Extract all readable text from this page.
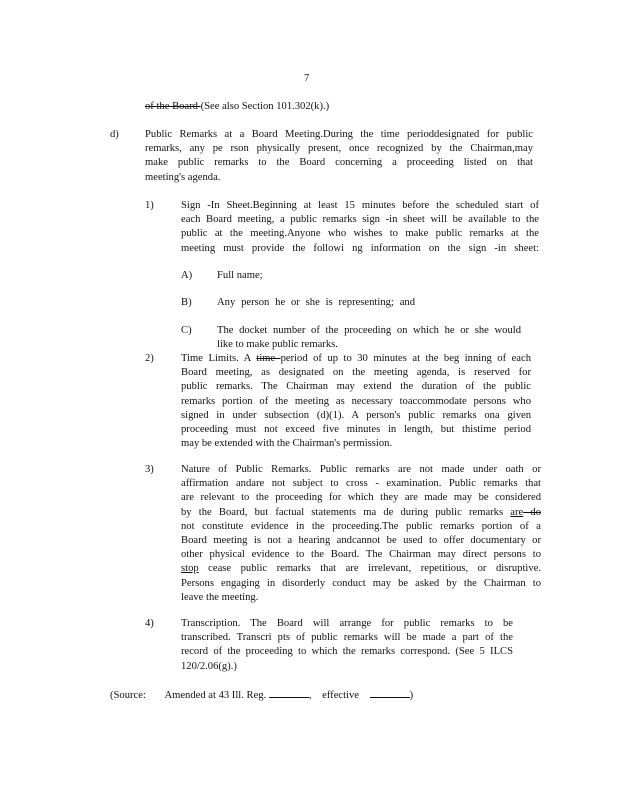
7
of the Board (See also Section 101.302(k).)
d) Public Remarks at a Board Meeting.During the time perioddesignated for public
remarks, any pe rson physically present, once recognized by the Chairman,may
make public remarks to the Board concerning a proceeding listed on that
meeting's agenda.
1)	Sign -In Sheet.Beginning at least 15 minutes before the scheduled start of
each Board meeting, a public remarks sign -in sheet will be available to the
public at the meeting.Anyone who wishes to make public remarks at the
meeting must provide the followi ng information on the sign -in sheet:
A) Full name;
B) Any person he or she is representing; and
C) The docket number of the proceeding on which he or she would
like to make public remarks.
2)	Time Limits. A time period of up to 30 minutes at the beg inning of each
Board meeting, as designated on the meeting agenda, is reserved for
public remarks. The Chairman may extend the duration of the public
remarks portion of the meeting as necessary toaccommodate persons who
signed in under subsection (d)(1). A person's public remarks ona given
proceeding must not exceed five minutes in length, but thistime period
may be extended with the Chairman's permission.
3)	Nature of Public Remarks. Public remarks are not made under oath or
affirmation andare not subject to cross - examination. Public remarks that
are relevant to the proceeding for which they are made may be considered
by the Board, but factual statements ma de during public remarks are do
not constitute evidence in the proceeding.The public remarks portion of a
Board meeting is not a hearing andcannot be used to offer documentary or
other physical evidence to the Board. The Chairman may direct persons to
stop cease public remarks that are irrelevant, repetitious, or disruptive.
Persons engaging in disorderly conduct may be asked by the Chairman to
leave the meeting.
4)	Transcription. The Board will arrange for public remarks to be
transcribed. Transcri pts of public remarks will be made a part of the
record of the proceeding to which the remarks correspond. (See 5 ILCS
120/2.06(g).)
(Source: Amended at 43 Ill. Reg.	, effective	)
